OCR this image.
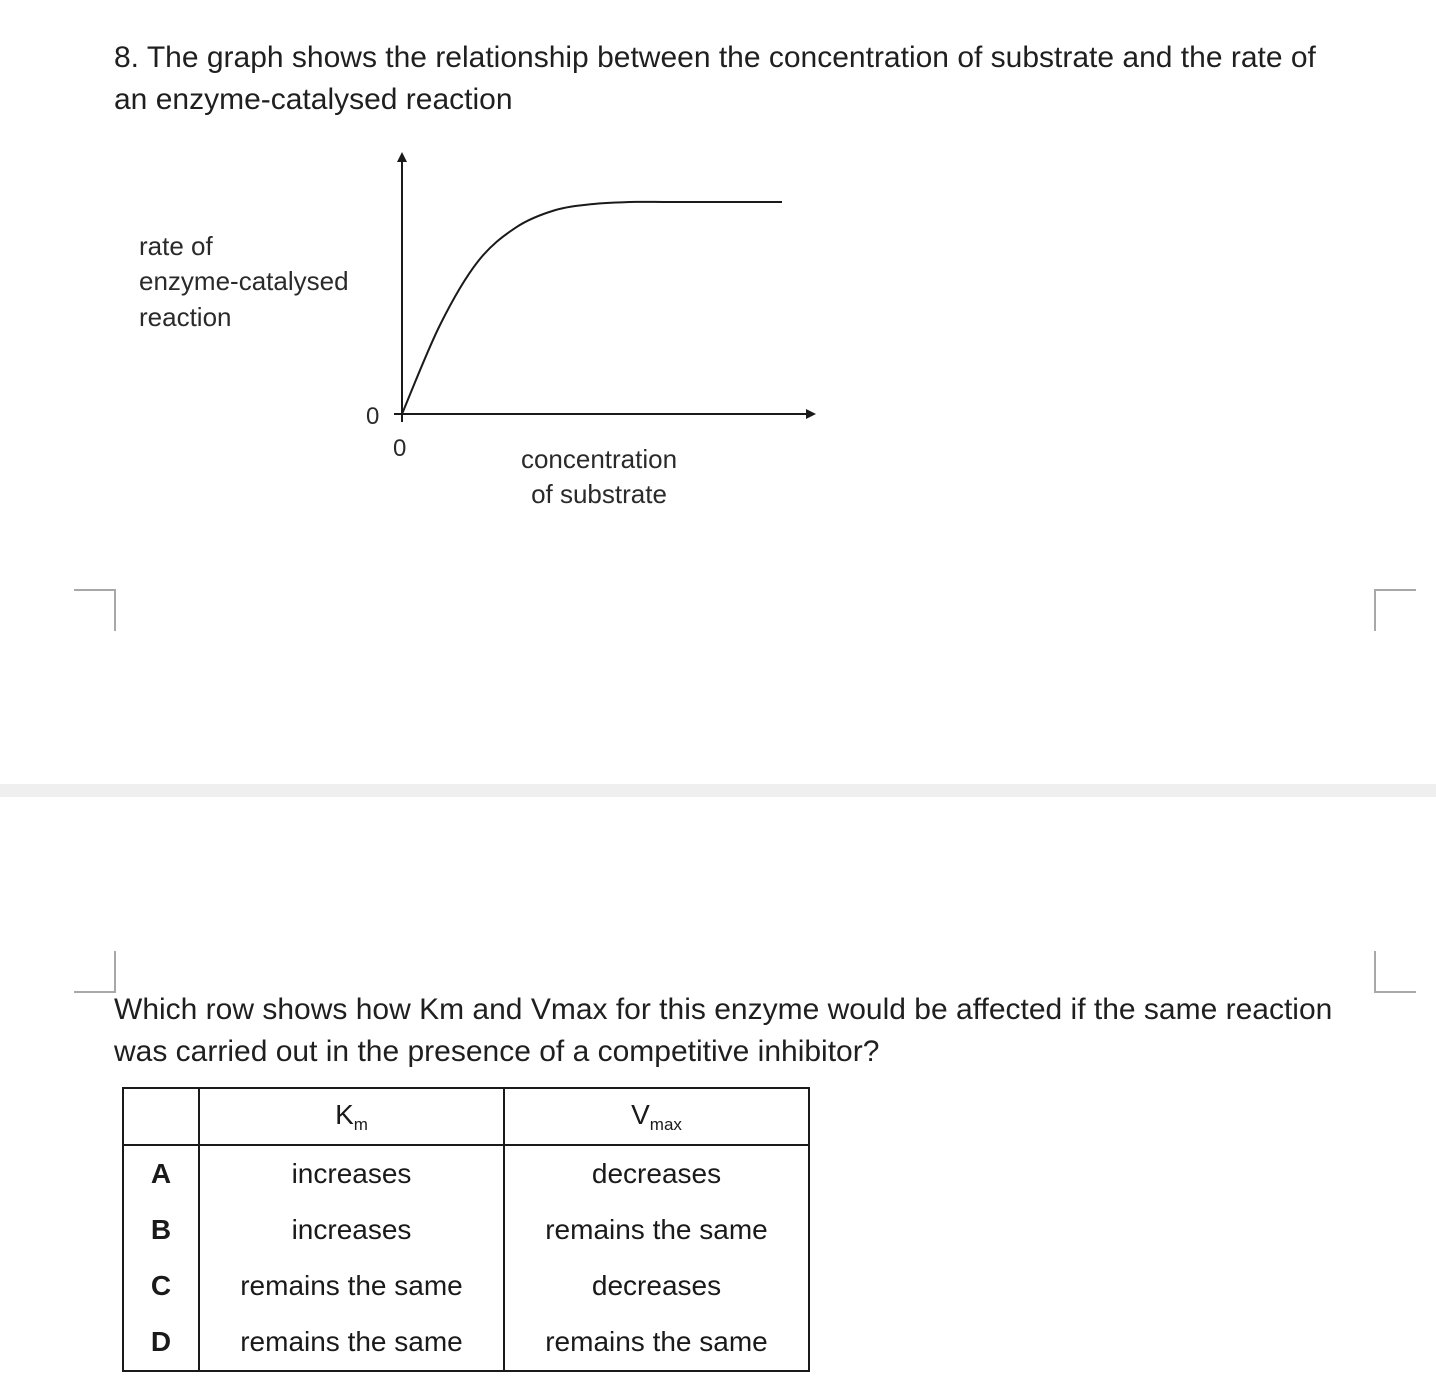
8. The graph shows the relationship between the concentration of substrate and the rate of an enzyme-catalysed reaction

rate of
enzyme-catalysed
reaction
0
0	concentration
of substrate

Which row shows how Km and Vmax for this enzyme would be affected if the same reaction was carried out in the presence of a competitive inhibitor?

	$K_m$	$V_{max}$
A	increases	decreases
B	increases	remains the same
C	remains the same	decreases
D	remains the same	remains the same
